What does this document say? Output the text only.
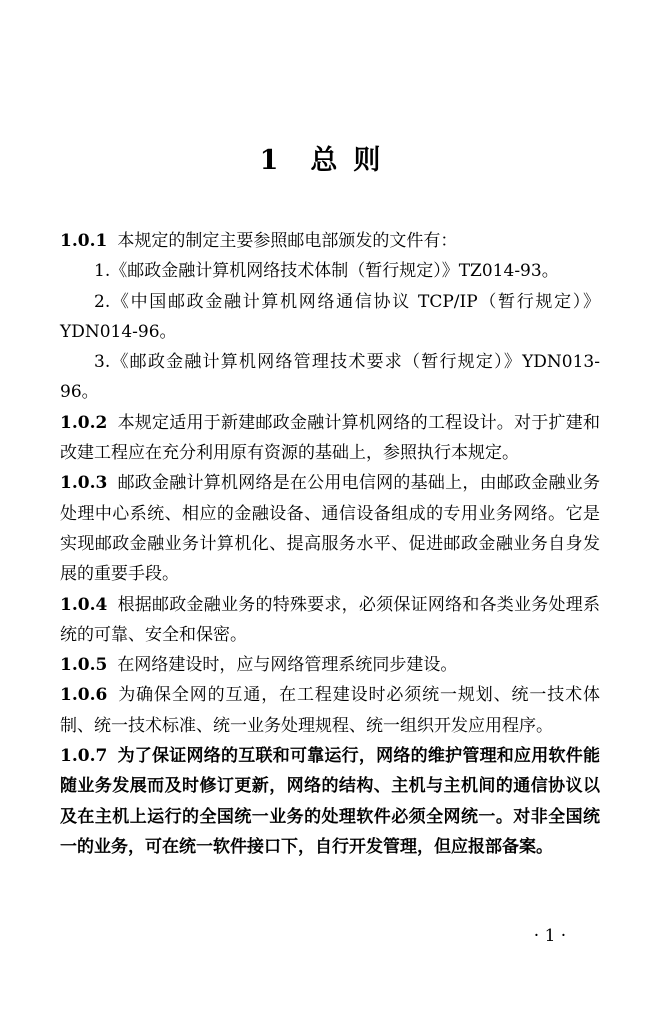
1 总 则

1.0.1 本规定的制定主要参照邮电部颁发的文件有：

1.《邮政金融计算机网络技术体制（暂行规定）》TZ014-93。

2.《中国邮政金融计算机网络通信协议 TCP/IP（暂行规定）》YDN014-96。

3.《邮政金融计算机网络管理技术要求（暂行规定）》YDN013-96。

1.0.2 本规定适用于新建邮政金融计算机网络的工程设计。对于扩建和改建工程应在充分利用原有资源的基础上，参照执行本规定。

1.0.3 邮政金融计算机网络是在公用电信网的基础上，由邮政金融业务处理中心系统、相应的金融设备、通信设备组成的专用业务网络。它是实现邮政金融业务计算机化、提高服务水平、促进邮政金融业务自身发展的重要手段。

1.0.4 根据邮政金融业务的特殊要求，必须保证网络和各类业务处理系统的可靠、安全和保密。

1.0.5 在网络建设时，应与网络管理系统同步建设。

1.0.6 为确保全网的互通，在工程建设时必须统一规划、统一技术体制、统一技术标准、统一业务处理规程、统一组织开发应用程序。

1.0.7 为了保证网络的互联和可靠运行，网络的维护管理和应用软件能随业务发展而及时修订更新，网络的结构、主机与主机间的通信协议以及在主机上运行的全国统一业务的处理软件必须全网统一。对非全国统一的业务，可在统一软件接口下，自行开发管理，但应报部备案。

· 1 ·
